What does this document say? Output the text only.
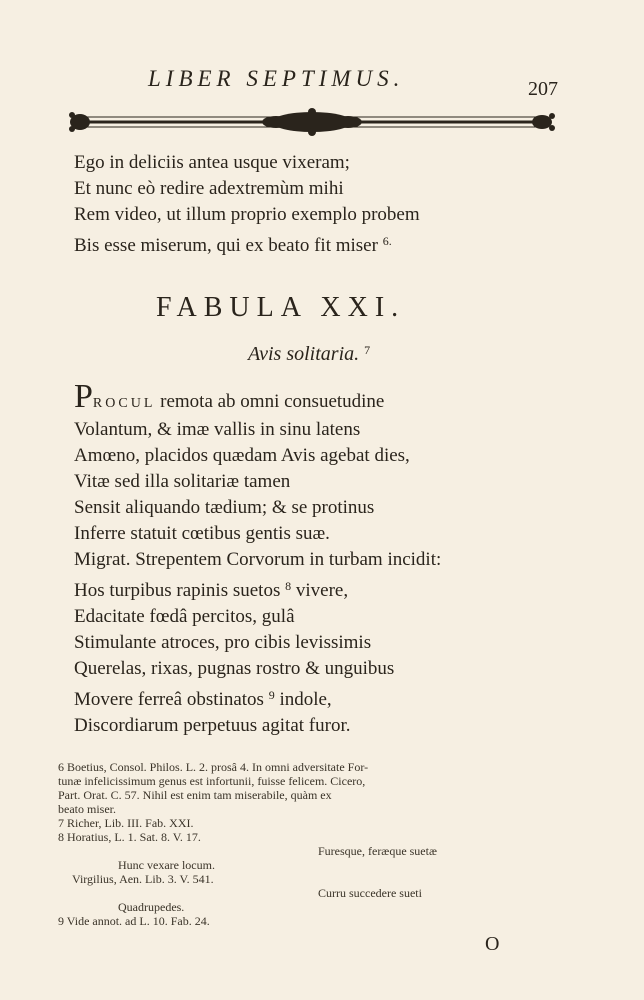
LIBER SEPTIMUS.	207
Ego in deliciis antea usque vixeram;
Et nunc eò redire adextremùm mihi
Rem video, ut illum proprio exemplo probem
Bis esse miserum, qui ex beato fit miser $^{6.}$
FABULA XXI.
Avis solitaria. $^7$
PROCUL remota ab omni consuetudine
Volantum, & imæ vallis in sinu latens
Amœno, placidos quædam Avis agebat dies,
Vitæ sed illa solitariæ tamen
Sensit aliquando tædium; & se protinus
Inferre statuit cœtibus gentis suæ.
Migrat. Strepentem Corvorum in turbam incidit:
Hos turpibus rapinis suetos $^8$ vivere,
Edacitate fœdâ percitos, gulâ
Stimulante atroces, pro cibis levissimis
Querelas, rixas, pugnas rostro & unguibus
Movere ferreâ obstinatos $^9$ indole,
Discordiarum perpetuus agitat furor.
6 Boetius, Consol. Philos. L. 2. prosâ 4. In omni adversitate For-
tunæ infelicissimum genus est infortunii, fuisse felicem. Cicero,
Part. Orat. C. 57. Nihil est enim tam miserabile, quàm ex
beato miser.
7 Richer, Lib. III. Fab. XXI.
8 Horatius, L. 1. Sat. 8. V. 17.
Furesque, feræque suetæ
Hunc vexare locum.
Virgilius, Aen. Lib. 3. V. 541.
Curru succedere sueti
Quadrupedes.
9 Vide annot. ad L. 10. Fab. 24.
O
